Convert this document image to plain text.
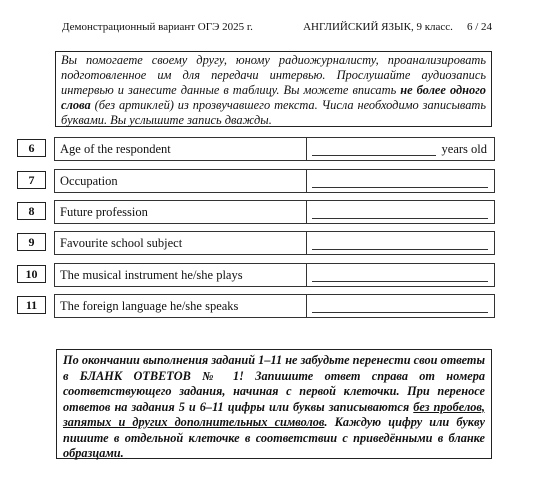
Демонстрационный вариант ОГЭ 2025 г.	АНГЛИЙСКИЙ ЯЗЫК, 9 класс. 6 / 24
Вы помогаете своему другу, юному радиожурналисту, проанализировать подготовленное им для передачи интервью. Прослушайте аудиозапись интервью и занесите данные в таблицу. Вы можете вписать не более одного слова (без артиклей) из прозвучавшего текста. Числа необходимо записывать буквами. Вы услышите запись дважды.
6	Age of the respondent	years old
7	Occupation
8	Future profession
9	Favourite school subject
10	The musical instrument he/she plays
11	The foreign language he/she speaks
По окончании выполнения заданий 1–11 не забудьте перенести свои ответы в БЛАНК ОТВЕТОВ № 1! Запишите ответ справа от номера соответствующего задания, начиная с первой клеточки. При переносе ответов на задания 5 и 6–11 цифры или буквы записываются без пробелов, запятых и других дополнительных символов. Каждую цифру или букву пишите в отдельной клеточке в соответствии с приведёнными в бланке образцами.
